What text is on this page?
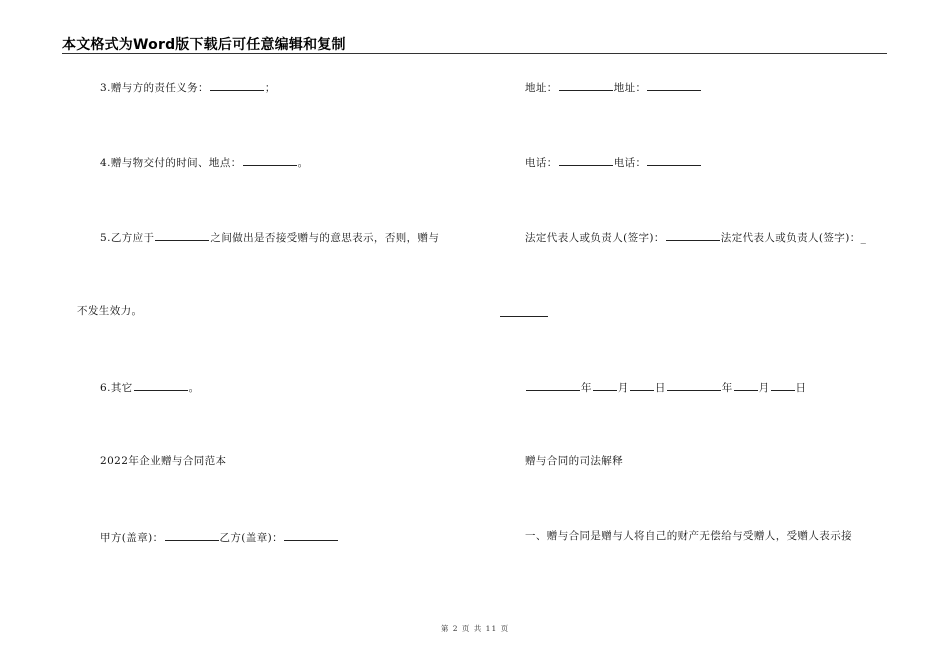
本文格式为Word版下载后可任意编辑和复制
3.赠与方的责任义务：	；
4.赠与物交付的时间、地点：	。
5.乙方应于	之间做出是否接受赠与的意思表示，否则，赠与
不发生效力。
6.其它	。
2022年企业赠与合同范本
甲方(盖章)：	乙方(盖章)：
地址：	地址：
电话：	电话：
法定代表人或负责人(签字)：	法定代表人或负责人(签字)：_
年 月 日	年 月 日
赠与合同的司法解释
一、赠与合同是赠与人将自己的财产无偿给与受赠人，受赠人表示接
第 2 页 共 11 页
